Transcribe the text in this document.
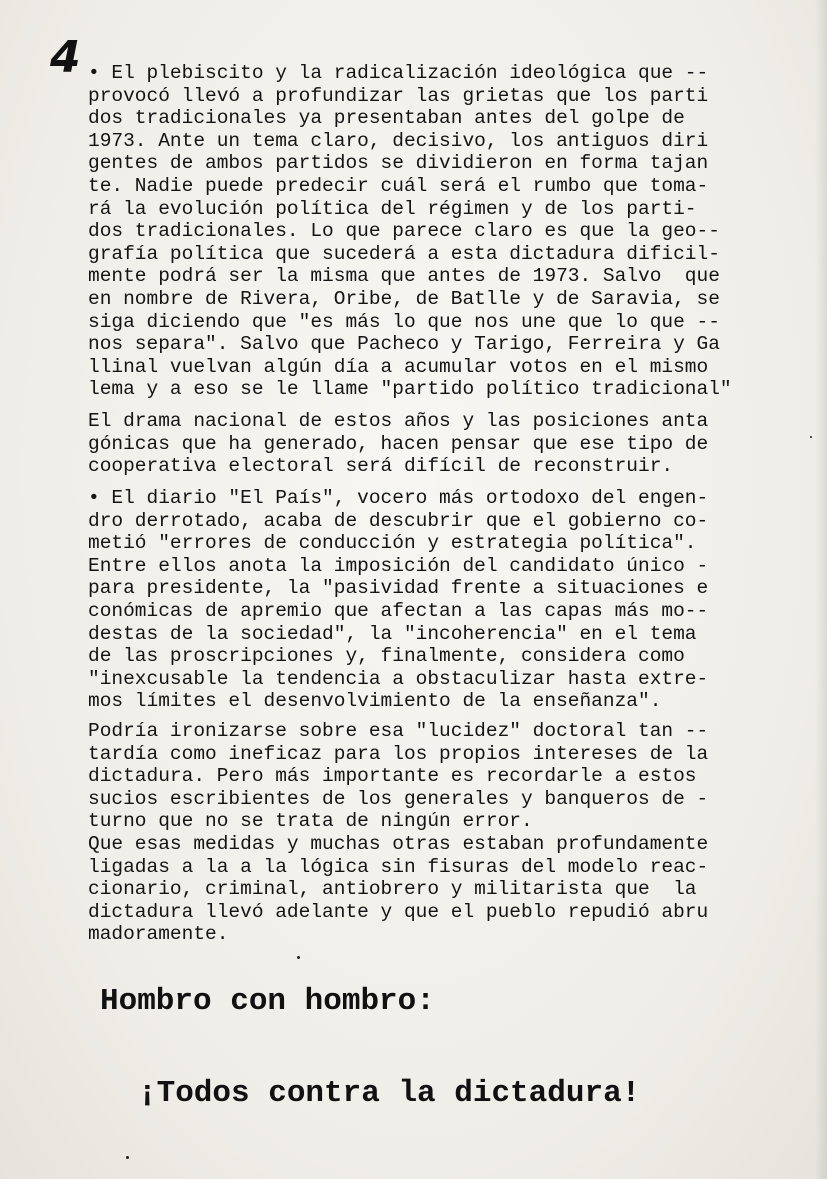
4 • El plebiscito y la radicalización ideológica que --
provocó llevó a profundizar las grietas que los parti
dos tradicionales ya presentaban antes del golpe de
1973. Ante un tema claro, decisivo, los antiguos diri
gentes de ambos partidos se dividieron en forma tajan
te. Nadie puede predecir cuál será el rumbo que toma-
rá la evolución política del régimen y de los parti-
dos tradicionales. Lo que parece claro es que la geo--
grafía política que sucederá a esta dictadura dificil-
mente podrá ser la misma que antes de 1973. Salvo  que
en nombre de Rivera, Oribe, de Batlle y de Saravia, se
siga diciendo que "es más lo que nos une que lo que --
nos separa". Salvo que Pacheco y Tarigo, Ferreira y Ga
llinal vuelvan algún día a acumular votos en el mismo
lema y a eso se le llame "partido político tradicional"
El drama nacional de estos años y las posiciones anta
gónicas que ha generado, hacen pensar que ese tipo de
cooperativa electoral será difícil de reconstruir.
• El diario "El País", vocero más ortodoxo del engen-
dro derrotado, acaba de descubrir que el gobierno co-
metió "errores de conducción y estrategia política".
Entre ellos anota la imposición del candidato único -
para presidente, la "pasividad frente a situaciones e
conómicas de apremio que afectan a las capas más mo--
destas de la sociedad", la "incoherencia" en el tema
de las proscripciones y, finalmente, considera como
"inexcusable la tendencia a obstaculizar hasta extre-
mos límites el desenvolvimiento de la enseñanza".
Podría ironizarse sobre esa "lucidez" doctoral tan --
tardía como ineficaz para los propios intereses de la
dictadura. Pero más importante es recordarle a estos
sucios escribientes de los generales y banqueros de -
turno que no se trata de ningún error.
Que esas medidas y muchas otras estaban profundamente
ligadas a la a la lógica sin fisuras del modelo reac-
cionario, criminal, antiobrero y militarista que  la
dictadura llevó adelante y que el pueblo repudió abru
madoramente.
Hombro con hombro:
¡Todos contra la dictadura!
